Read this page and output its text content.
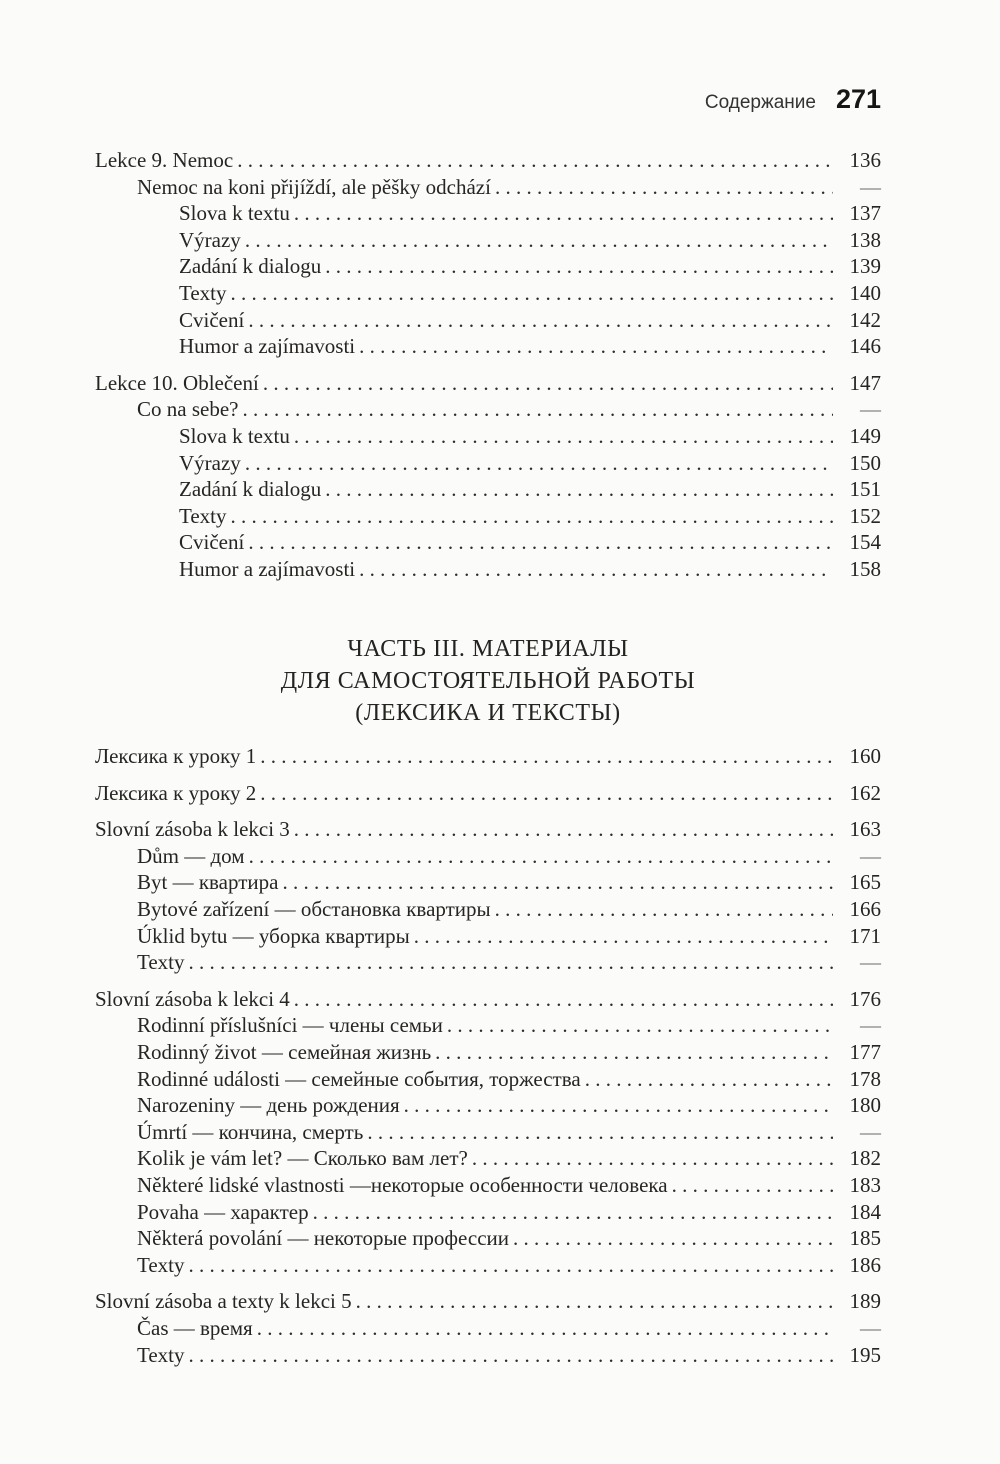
Содержание 271
Lekce 9. Nemoc . . .	136
Nemoc na koni přijíždí, ale pěšky odchází . . .	—
Slova k textu . . .	137
Výrazy . . .	138
Zadání k dialogu . . .	139
Texty . . .	140
Cvičení . . .	142
Humor a zajímavosti . . .	146
Lekce 10. Oblečení . . .	147
Co na sebe? . . .	—
Slova k textu . . .	149
Výrazy . . .	150
Zadání k dialogu . . .	151
Texty . . .	152
Cvičení . . .	154
Humor a zajímavosti . . .	158
ЧАСТЬ III. МАТЕРИАЛЫ
ДЛЯ САМОСТОЯТЕЛЬНОЙ РАБОТЫ
(ЛЕКСИКА И ТЕКСТЫ)
Лексика к уроку 1 . . .	160
Лексика к уроку 2 . . .	162
Slovní zásoba k lekci 3 . . .	163
Dům — дом . . .	—
Byt — квартира . . .	165
Bytové zařízení — обстановка квартиры . . .	166
Úklid bytu — уборка квартиры . . .	171
Texty . . .	—
Slovní zásoba k lekci 4 . . .	176
Rodinní příslušníci — члены семьи . . .	—
Rodinný život — семейная жизнь . . .	177
Rodinné události — семейные события, торжества . . .	178
Narozeniny — день рождения . . .	180
Úmrtí — кончина, смерть . . .	—
Kolik je vám let? — Сколько вам лет? . . .	182
Některé lidské vlastnosti —некоторые особенности человека . . .	183
Povaha — характер . . .	184
Některá povolání — некоторые профессии . . .	185
Texty . . .	186
Slovní zásoba a texty k lekci 5 . . .	189
Čas — время . . .	—
Texty . . .	195
